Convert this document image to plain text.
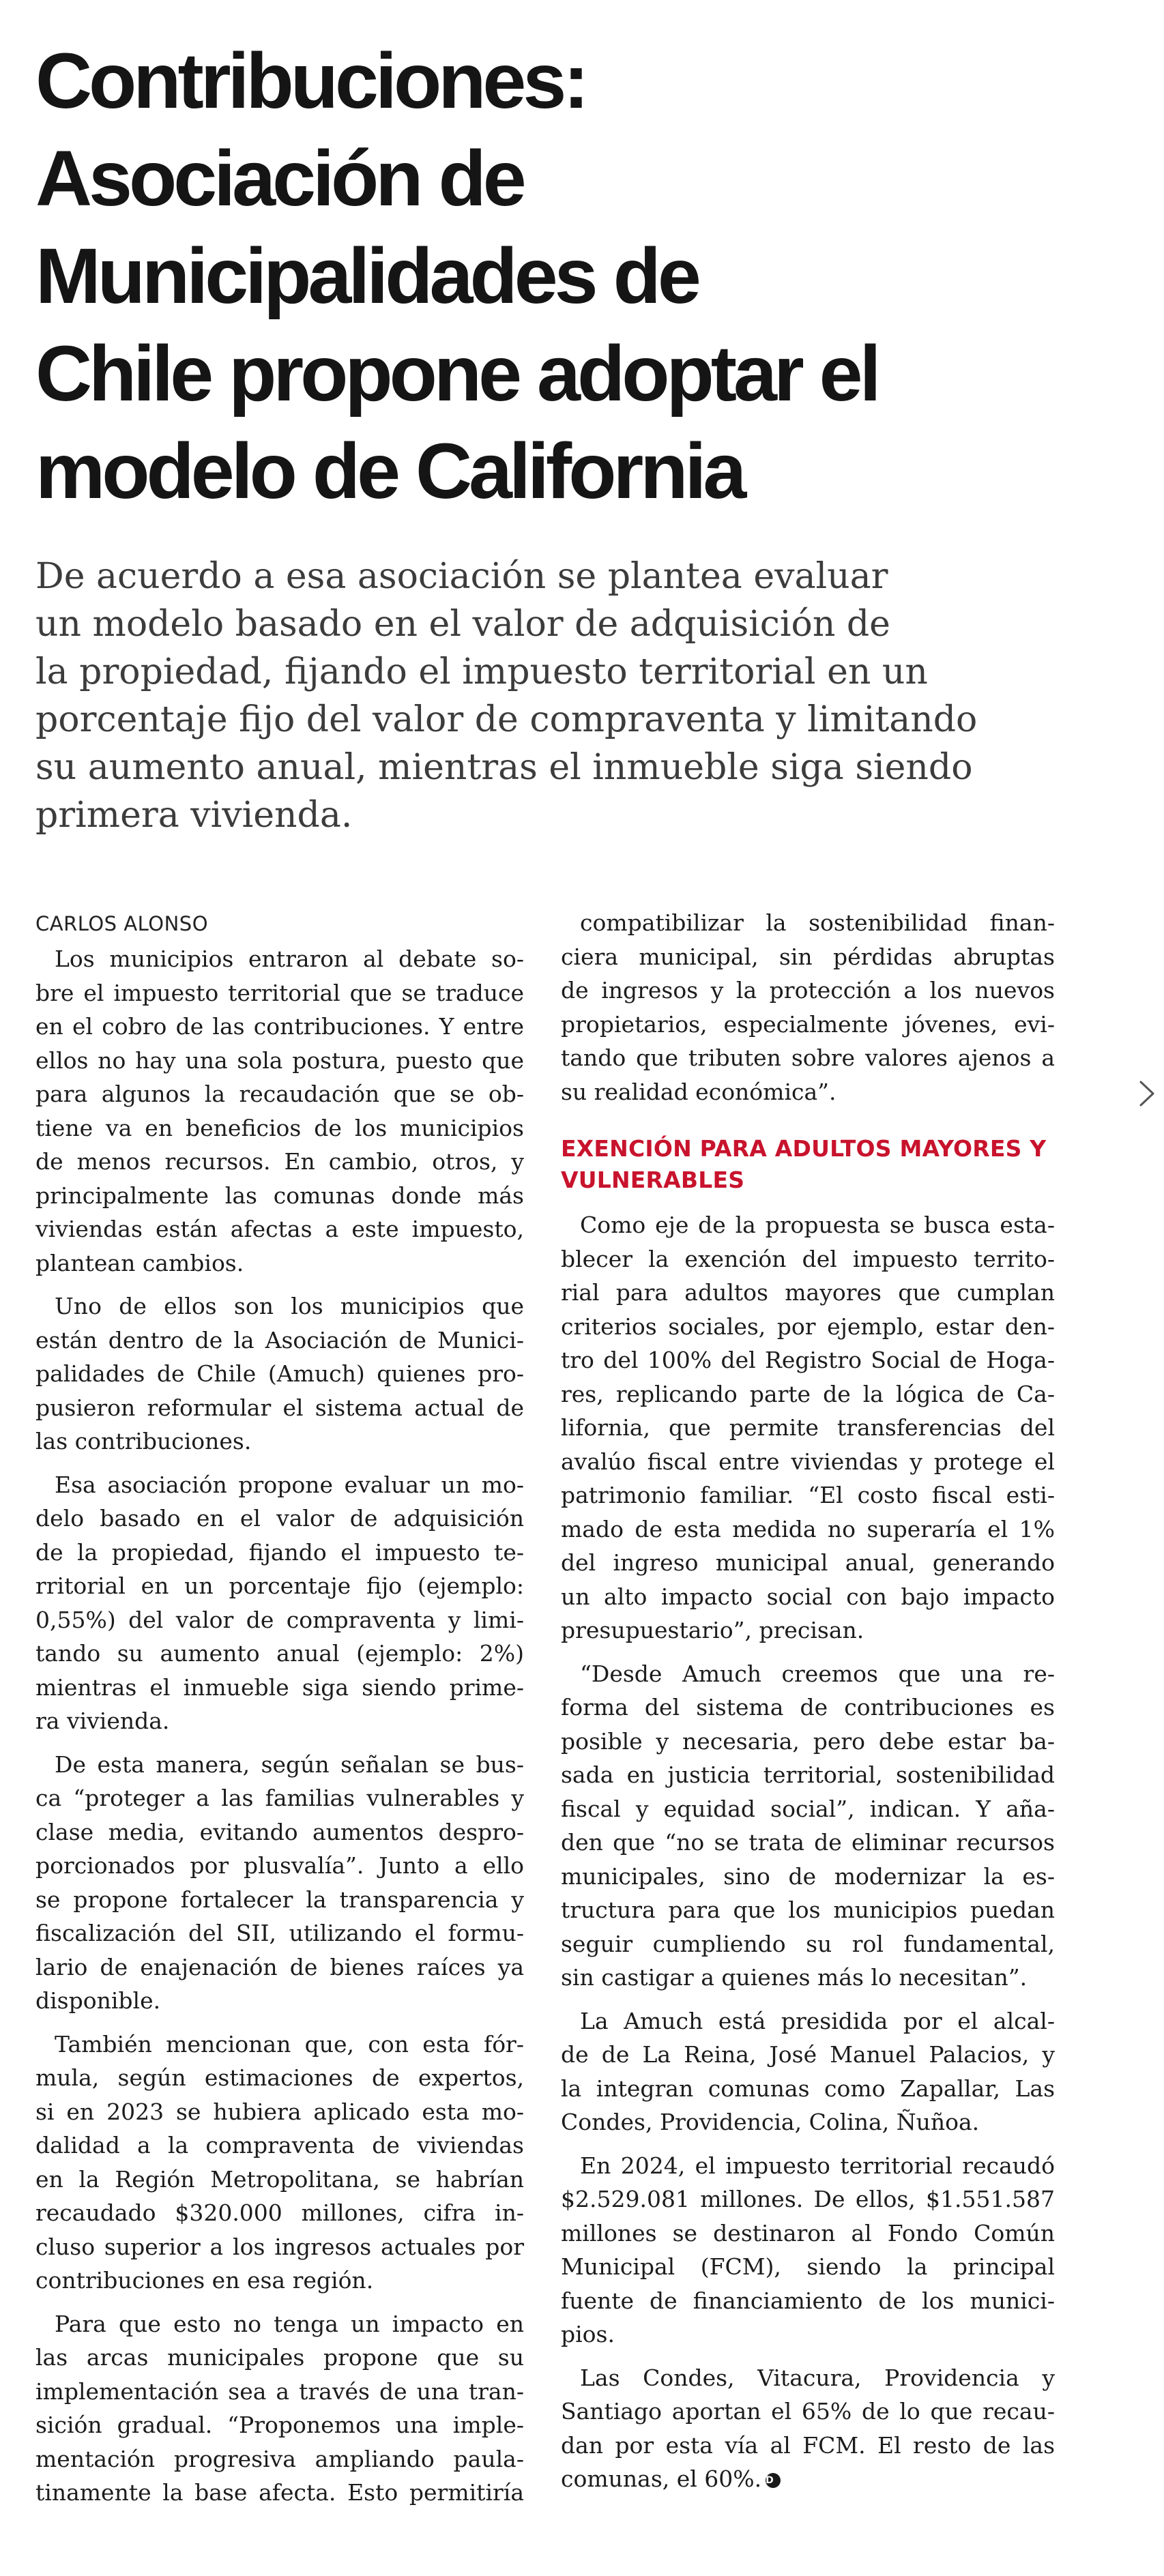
Contribuciones:
Asociación de
Municipalidades de
Chile propone adoptar el
modelo de California
De acuerdo a esa asociación se plantea evaluar
un modelo basado en el valor de adquisición de
la propiedad, fijando el impuesto territorial en un
porcentaje fijo del valor de compraventa y limitando
su aumento anual, mientras el inmueble siga siendo
primera vivienda.
CARLOS ALONSO
Los municipios entraron al debate so-
bre el impuesto territorial que se traduce
en el cobro de las contribuciones. Y entre
ellos no hay una sola postura, puesto que
para algunos la recaudación que se ob-
tiene va en beneficios de los municipios
de menos recursos. En cambio, otros, y
principalmente las comunas donde más
viviendas están afectas a este impuesto,
plantean cambios.
Uno de ellos son los municipios que
están dentro de la Asociación de Munici-
palidades de Chile (Amuch) quienes pro-
pusieron reformular el sistema actual de
las contribuciones.
Esa asociación propone evaluar un mo-
delo basado en el valor de adquisición
de la propiedad, fijando el impuesto te-
rritorial en un porcentaje fijo (ejemplo:
0,55%) del valor de compraventa y limi-
tando su aumento anual (ejemplo: 2%)
mientras el inmueble siga siendo prime-
ra vivienda.
De esta manera, según señalan se bus-
ca “proteger a las familias vulnerables y
clase media, evitando aumentos despro-
porcionados por plusvalía”. Junto a ello
se propone fortalecer la transparencia y
fiscalización del SII, utilizando el formu-
lario de enajenación de bienes raíces ya
disponible.
También mencionan que, con esta fór-
mula, según estimaciones de expertos,
si en 2023 se hubiera aplicado esta mo-
dalidad a la compraventa de viviendas
en la Región Metropolitana, se habrían
recaudado $320.000 millones, cifra in-
cluso superior a los ingresos actuales por
contribuciones en esa región.
Para que esto no tenga un impacto en
las arcas municipales propone que su
implementación sea a través de una tran-
sición gradual. “Proponemos una imple-
mentación progresiva ampliando paula-
tinamente la base afecta. Esto permitiría
compatibilizar la sostenibilidad finan-
ciera municipal, sin pérdidas abruptas
de ingresos y la protección a los nuevos
propietarios, especialmente jóvenes, evi-
tando que tributen sobre valores ajenos a
su realidad económica”.
EXENCIÓN PARA ADULTOS MAYORES Y
VULNERABLES
Como eje de la propuesta se busca esta-
blecer la exención del impuesto territo-
rial para adultos mayores que cumplan
criterios sociales, por ejemplo, estar den-
tro del 100% del Registro Social de Hoga-
res, replicando parte de la lógica de Ca-
lifornia, que permite transferencias del
avalúo fiscal entre viviendas y protege el
patrimonio familiar. “El costo fiscal esti-
mado de esta medida no superaría el 1%
del ingreso municipal anual, generando
un alto impacto social con bajo impacto
presupuestario”, precisan.
“Desde Amuch creemos que una re-
forma del sistema de contribuciones es
posible y necesaria, pero debe estar ba-
sada en justicia territorial, sostenibilidad
fiscal y equidad social”, indican. Y aña-
den que “no se trata de eliminar recursos
municipales, sino de modernizar la es-
tructura para que los municipios puedan
seguir cumpliendo su rol fundamental,
sin castigar a quienes más lo necesitan”.
La Amuch está presidida por el alcal-
de de La Reina, José Manuel Palacios, y
la integran comunas como Zapallar, Las
Condes, Providencia, Colina, Ñuñoa.
En 2024, el impuesto territorial recaudó
$2.529.081 millones. De ellos, $1.551.587
millones se destinaron al Fondo Común
Municipal (FCM), siendo la principal
fuente de financiamiento de los munici-
pios.
Las Condes, Vitacura, Providencia y
Santiago aportan el 65% de lo que recau-
dan por esta vía al FCM. El resto de las
comunas, el 60%. D
